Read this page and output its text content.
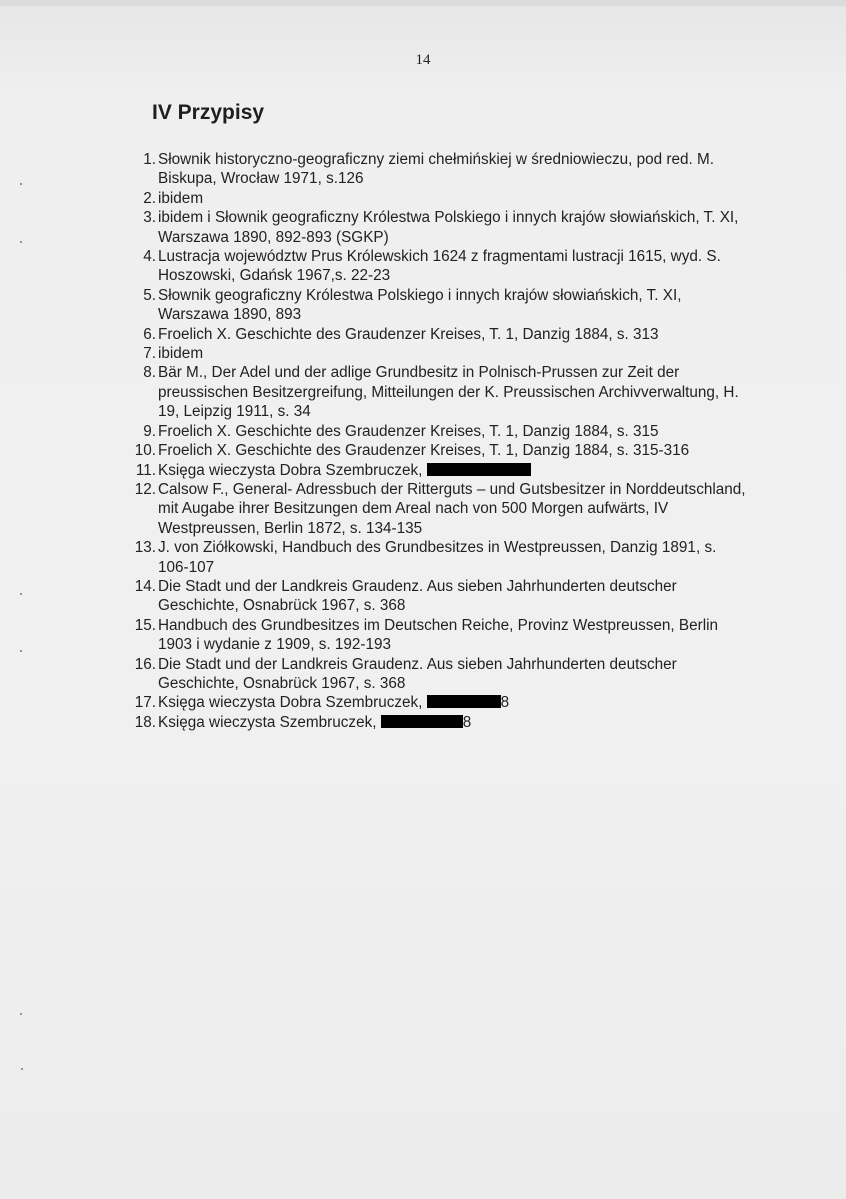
14
IV Przypisy
1. Słownik historyczno-geograficzny ziemi chełmińskiej w średniowieczu, pod red. M. Biskupa, Wrocław 1971, s.126
2. ibidem
3. ibidem i Słownik geograficzny Królestwa Polskiego i innych krajów słowiańskich, T. XI, Warszawa 1890, 892-893 (SGKP)
4. Lustracja województw Prus Królewskich 1624 z fragmentami lustracji 1615, wyd. S. Hoszowski, Gdańsk 1967,s. 22-23
5. Słownik geograficzny Królestwa Polskiego i innych krajów słowiańskich, T. XI, Warszawa 1890, 893
6. Froelich X. Geschichte des Graudenzer Kreises, T. 1, Danzig 1884, s. 313
7. ibidem
8. Bär M., Der Adel und der adlige Grundbesitz in Polnisch-Prussen zur Zeit der preussischen Besitzergreifung, Mitteilungen der K. Preussischen Archivverwaltung, H. 19, Leipzig 1911, s. 34
9. Froelich X. Geschichte des Graudenzer Kreises, T. 1, Danzig 1884, s. 315
10. Froelich X. Geschichte des Graudenzer Kreises, T. 1, Danzig 1884, s. 315-316
11. Księga wieczysta Dobra Szembruczek,
12. Calsow F., General- Adressbuch der Ritterguts – und Gutsbesitzer in Norddeutschland, mit Augabe ihrer Besitzungen dem Areal nach von 500 Morgen aufwärts, IV Westpreussen, Berlin 1872, s. 134-135
13. J. von Ziółkowski, Handbuch des Grundbesitzes in Westpreussen, Danzig 1891, s. 106-107
14. Die Stadt und der Landkreis Graudenz. Aus sieben Jahrhunderten deutscher Geschichte, Osnabrück 1967, s. 368
15. Handbuch des Grundbesitzes im Deutschen Reiche, Provinz Westpreussen, Berlin 1903 i wydanie z 1909, s. 192-193
16. Die Stadt und der Landkreis Graudenz. Aus sieben Jahrhunderten deutscher Geschichte, Osnabrück 1967, s. 368
17. Księga wieczysta Dobra Szembruczek,	8
18. Księga wieczysta Szembruczek,	8
